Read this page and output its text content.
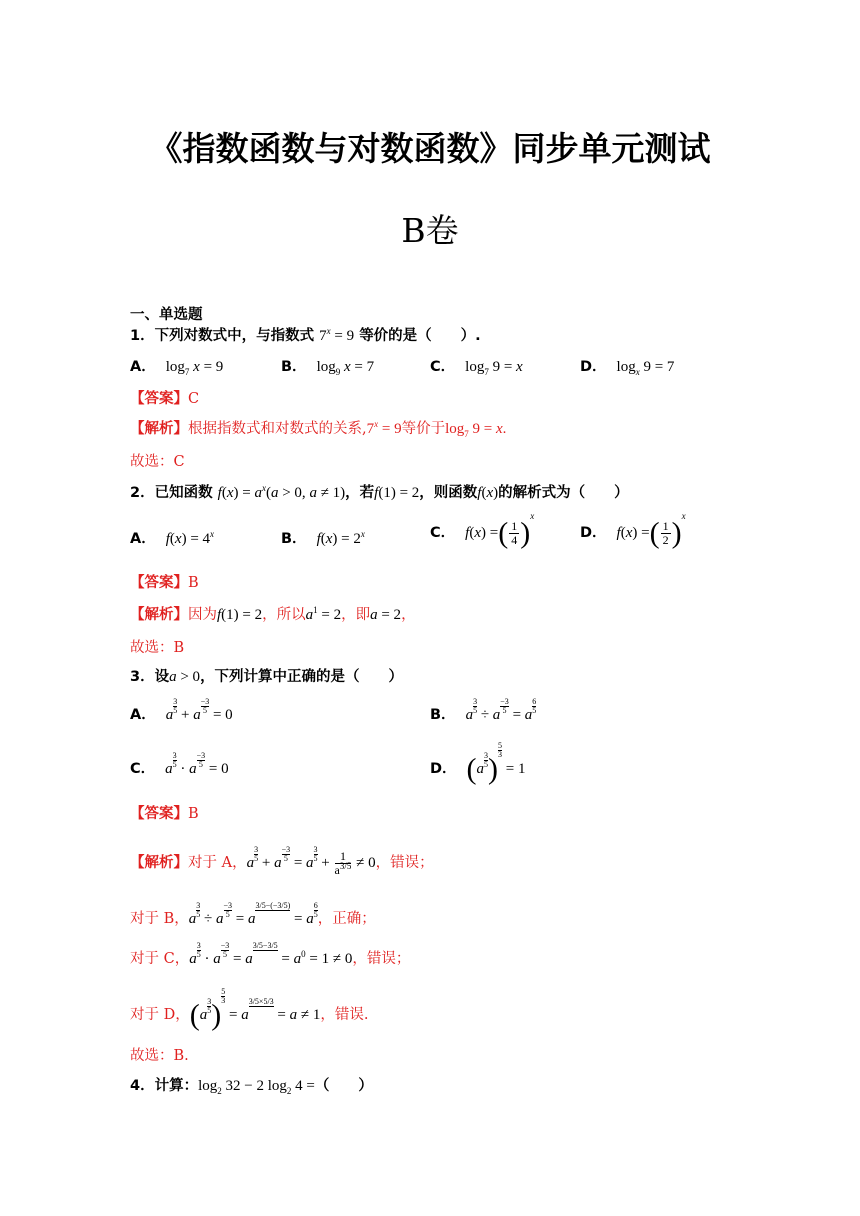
《指数函数与对数函数》同步单元测试
B卷
一、单选题
1．下列对数式中，与指数式 $7^x = 9$ 等价的是（　　）.
A． $\log_7 x = 9$	B． $\log_9 x = 7$	C． $\log_7 9 = x$	D． $\log_x 9 = 7$
【答案】C
【解析】根据指数式和对数式的关系$,7^x = 9$等价于$\log_7 9 = x$.
故选：C
2．已知函数 $f(x) = a^x(a > 0$, a ≠ 1)，若f(1) = 2，则函数f(x)的解析式为（　　）
A． $f(x) = 4^x$	B． $f(x) = 2^x$	C． f(x) =( $\frac{1}{4} )^x$
D． f(x) =( $\frac{1}{2} )^x$
【答案】B
【解析】因为f(1) = 2，所以$a^1 = 2$，即a = 2，
故选：B
3．设a > 0，下列计算中正确的是（　　）
A． a $\frac{3}{5} + a \frac{-3}{5} = 0$	B． a $\frac{3}{5} \div a \frac{-3}{5} = a \frac{6}{5}$
C． a $\frac{3}{5} \cdot a \frac{-3}{5} = 0$	D． ($a \frac{3}{5}$ )
$\frac{5}{3}$
= 1
【答案】B
【解析】对于 A，a $\frac{3}{5} + a \frac{-3}{5} = a \frac{3}{5} + \frac{1}{a^{3/5}} \ne 0$，错误；
对于 B，a $\frac{3}{5} \div a \frac{-3}{5} = a$
3/5−(−3/5)

= a $\frac{6}{5}$ ，正确；
对于 C，a $\frac{3}{5} \cdot a \frac{-3}{5} = a$
3/5−3/5

= $a^0 = 1 \ne 0$，错误；
对于 D，($a \frac{3}{5}$ )
$\frac{5}{3}$
= a
3/5×5/3

= a ≠ 1，错误.
故选：B.
4．计算：$\log_2 32 - 2$ $\log_2 4$ =（　　）
